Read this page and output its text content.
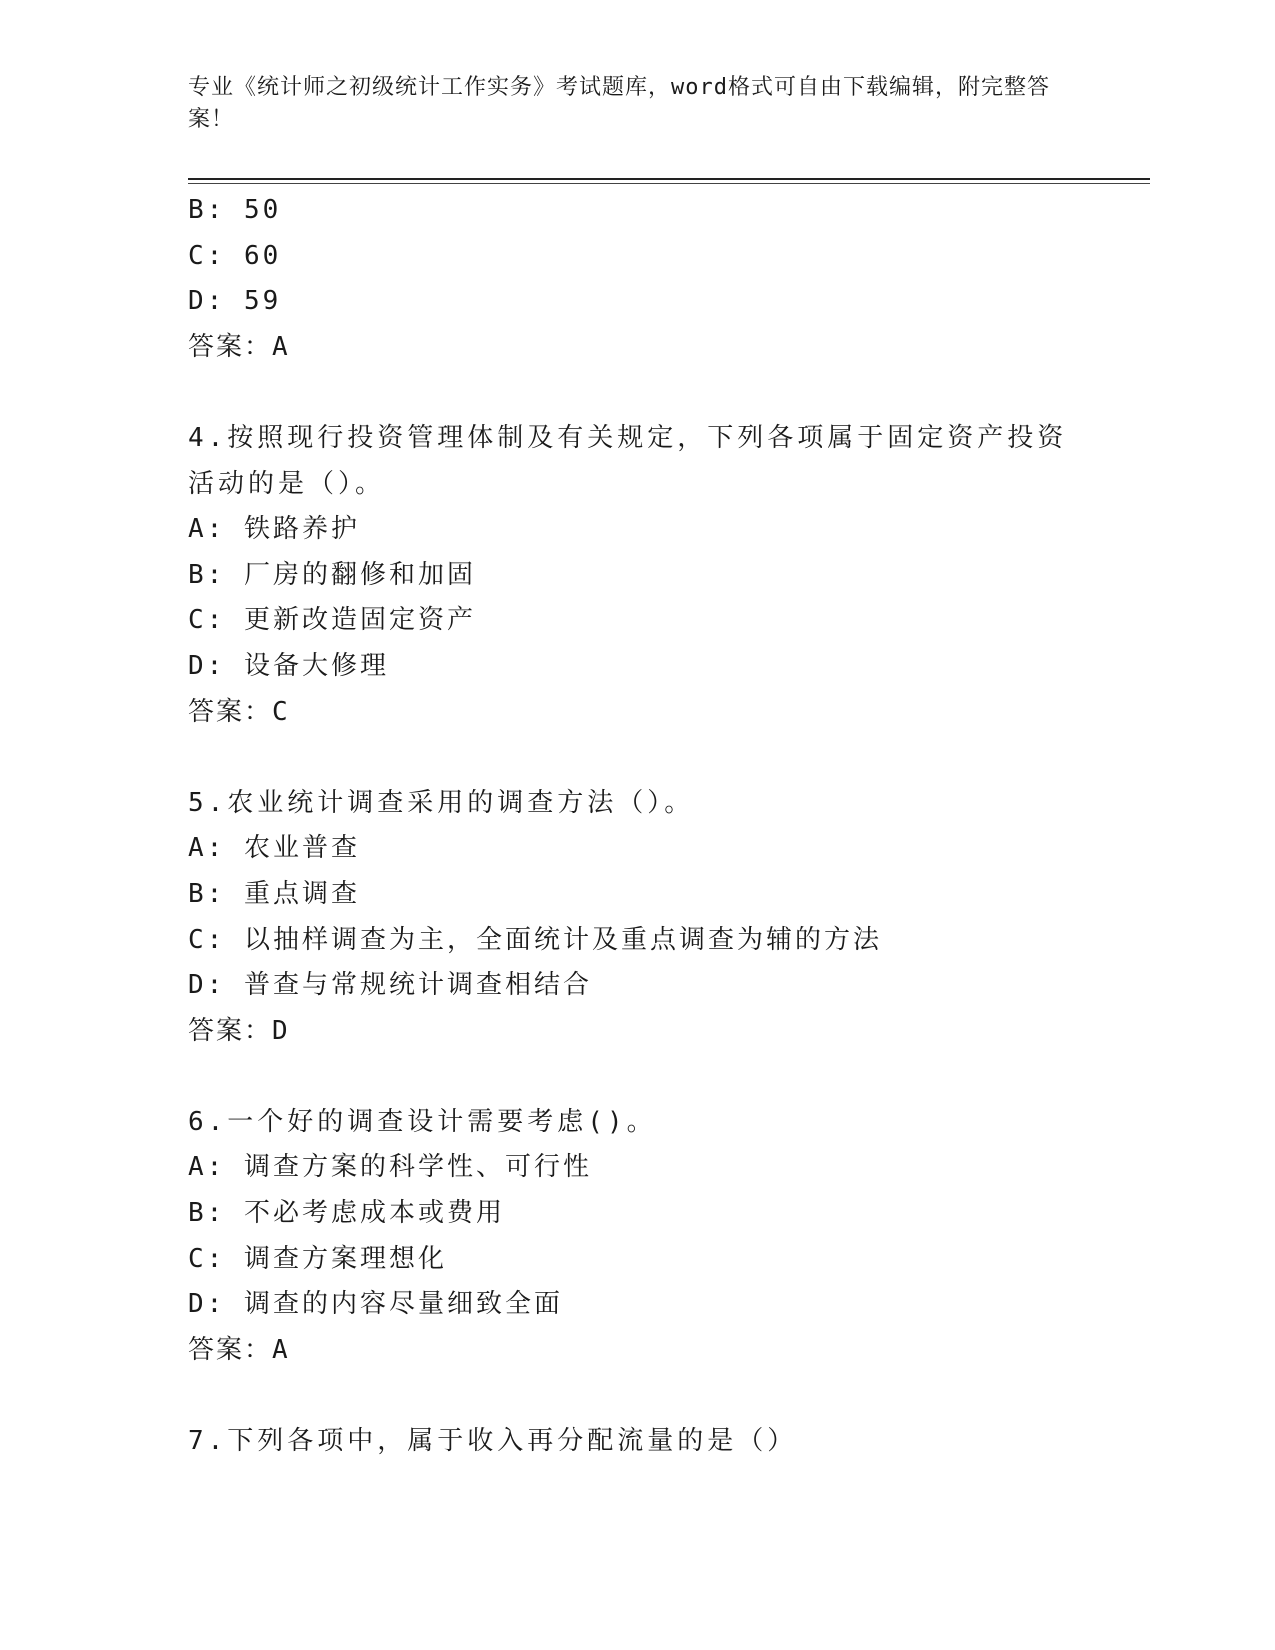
专业《统计师之初级统计工作实务》考试题库，word格式可自由下载编辑，附完整答案！
B: 50
C: 60
D: 59
答案：A
4.按照现行投资管理体制及有关规定，下列各项属于固定资产投资活动的是（）。
A: 铁路养护
B: 厂房的翻修和加固
C: 更新改造固定资产
D: 设备大修理
答案：C
5.农业统计调查采用的调查方法（）。
A: 农业普查
B: 重点调查
C: 以抽样调查为主，全面统计及重点调查为辅的方法
D: 普查与常规统计调查相结合
答案：D
6.一个好的调查设计需要考虑()。
A: 调查方案的科学性、可行性
B: 不必考虑成本或费用
C: 调查方案理想化
D: 调查的内容尽量细致全面
答案：A
7.下列各项中，属于收入再分配流量的是（）
